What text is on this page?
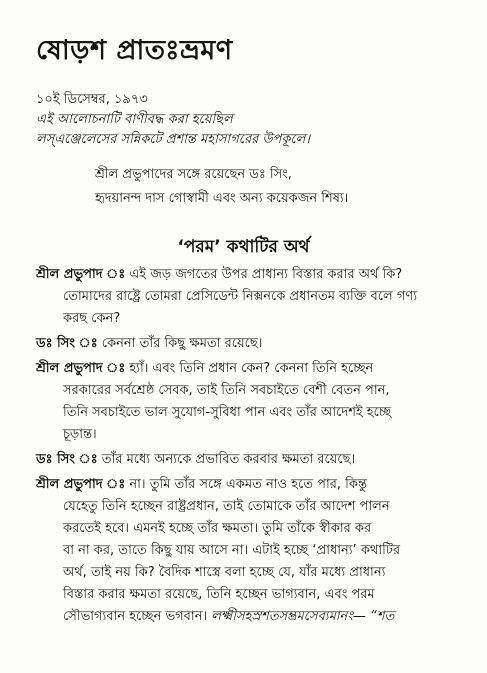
ষোড়শ প্রাতঃভ্রমণ
১০ই ডিসেম্বর, ১৯৭৩
এই আলোচনাটি বাণীবদ্ধ করা হয়েছিল
লস্‌এঞ্জেলেসের সন্নিকটে প্রশান্ত মহাসাগরের উপকূলে।
শ্রীল প্রভুপাদের সঙ্গে রয়েছেন ডঃ সিং,
হৃদয়ানন্দ দাস গোস্বামী এবং অন্য কয়েকজন শিষ্য।
‘পরম’ কথাটির অর্থ
শ্রীল প্রভুপাদ ঃ এই জড় জগতের উপর প্রাধান্য বিস্তার করার অর্থ কি?
তোমাদের রাষ্ট্রে তোমরা প্রেসিডেন্ট নিক্সনকে প্রধানতম ব্যক্তি বলে গণ্য
করছ কেন?
ডঃ সিং ঃ কেননা তাঁর কিছু ক্ষমতা রয়েছে।
শ্রীল প্রভুপাদ ঃ হ্যাঁ। এবং তিনি প্রধান কেন? কেননা তিনি হচ্ছেন
সরকারের সর্বশ্রেষ্ঠ সেবক, তাই তিনি সবচাইতে বেশী বেতন পান,
তিনি সবচাইতে ভাল সুযোগ-সুবিধা পান এবং তাঁর আদেশই হচ্ছে
চূড়ান্ত।
ডঃ সিং ঃ তাঁর মধ্যে অন্যকে প্রভাবিত করবার ক্ষমতা রয়েছে।
শ্রীল প্রভুপাদ ঃ না। তুমি তাঁর সঙ্গে একমত নাও হতে পার, কিন্তু
যেহেতু তিনি হচ্ছেন রাষ্ট্রপ্রধান, তাই তোমাকে তাঁর আদেশ পালন
করতেই হবে। এমনই হচ্ছে তাঁর ক্ষমতা। তুমি তাঁকে স্বীকার কর
বা না কর, তাতে কিছু যায় আসে না। এটাই হচ্ছে ‘প্রাধান্য’ কথাটির
অর্থ, তাই নয় কি? বৈদিক শাস্ত্রে বলা হচ্ছে যে, যাঁর মধ্যে প্রাধান্য
বিস্তার করার ক্ষমতা রয়েছে, তিনি হচ্ছেন ভাগ্যবান, এবং পরম
সৌভাগ্যবান হচ্ছেন ভগবান। লক্ষ্মীসহস্রশতসম্ভ্রমসেব্যমানং— “শত
